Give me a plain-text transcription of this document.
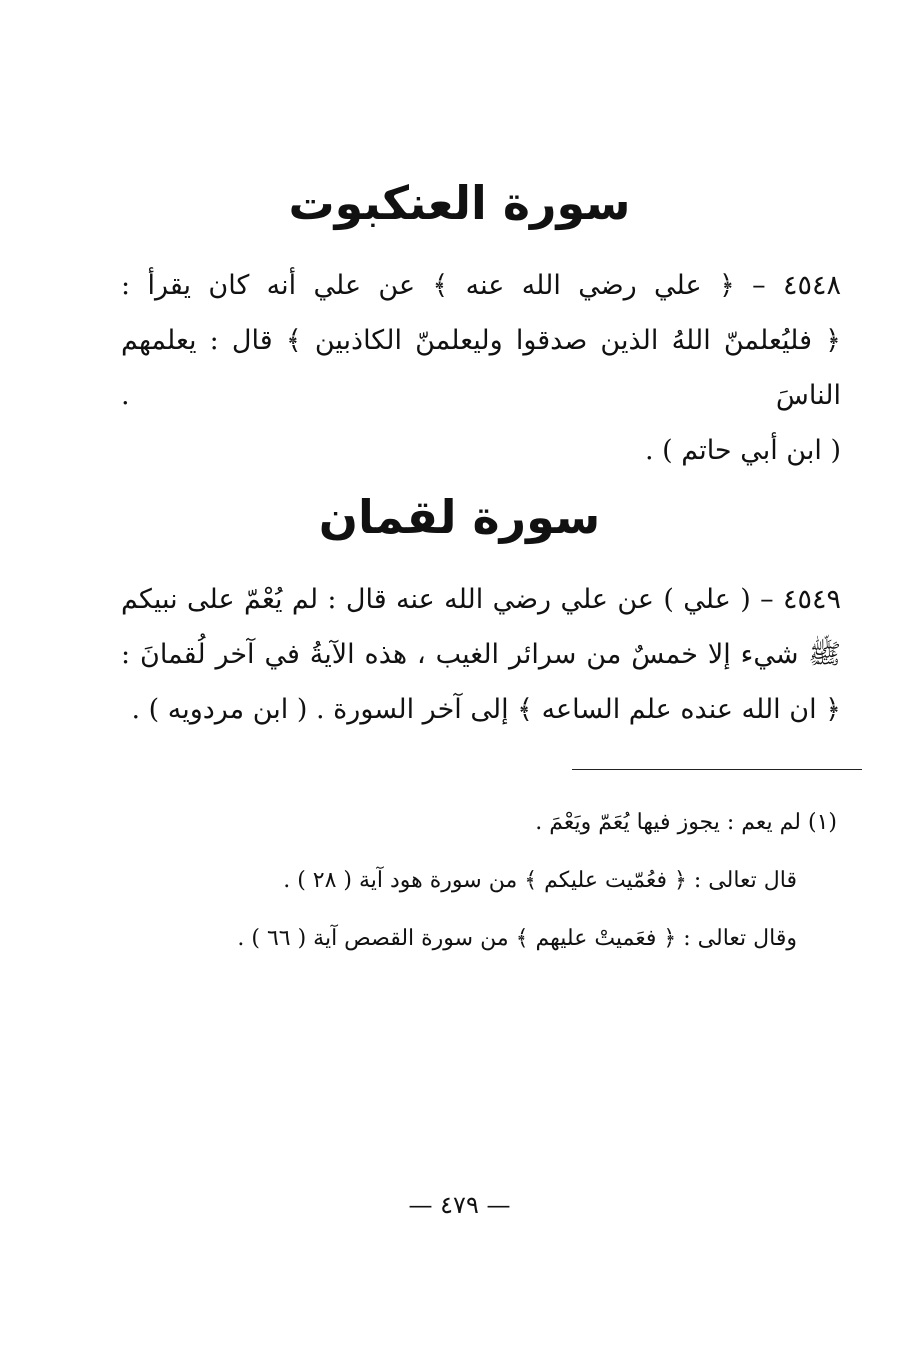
سورة العنكبوت
٤٥٤٨ – ﴿ علي رضي الله عنه ﴾ عن علي أنه كان يقرأ :
﴿ فليُعلمنّ اللهُ الذين صدقوا وليعلمنّ الكاذبين ﴾ قال : يعلمهم الناسَ .
( ابن أبي حاتم ) .
سورة لقمان
٤٥٤٩ – ( علي ) عن علي رضي الله عنه قال : لم يُعْمّ على نبيكم
ﷺ شيء إلا خمسٌ من سرائر الغيب ، هذه الآيةُ في آخر لُقمانَ :
﴿ ان الله عنده علم الساعه ﴾ إلى آخر السورة . ( ابن مردويه ) .
(١) لم يعم : يجوز فيها يُعَمّ ويَعْمَ .
قال تعالى : ﴿ فعُمّيت عليكم ﴾ من سورة هود آية ( ٢٨ ) .
وقال تعالى : ﴿ فعَميتْ عليهم ﴾ من سورة القصص آية ( ٦٦ ) .
— ٤٧٩ —
